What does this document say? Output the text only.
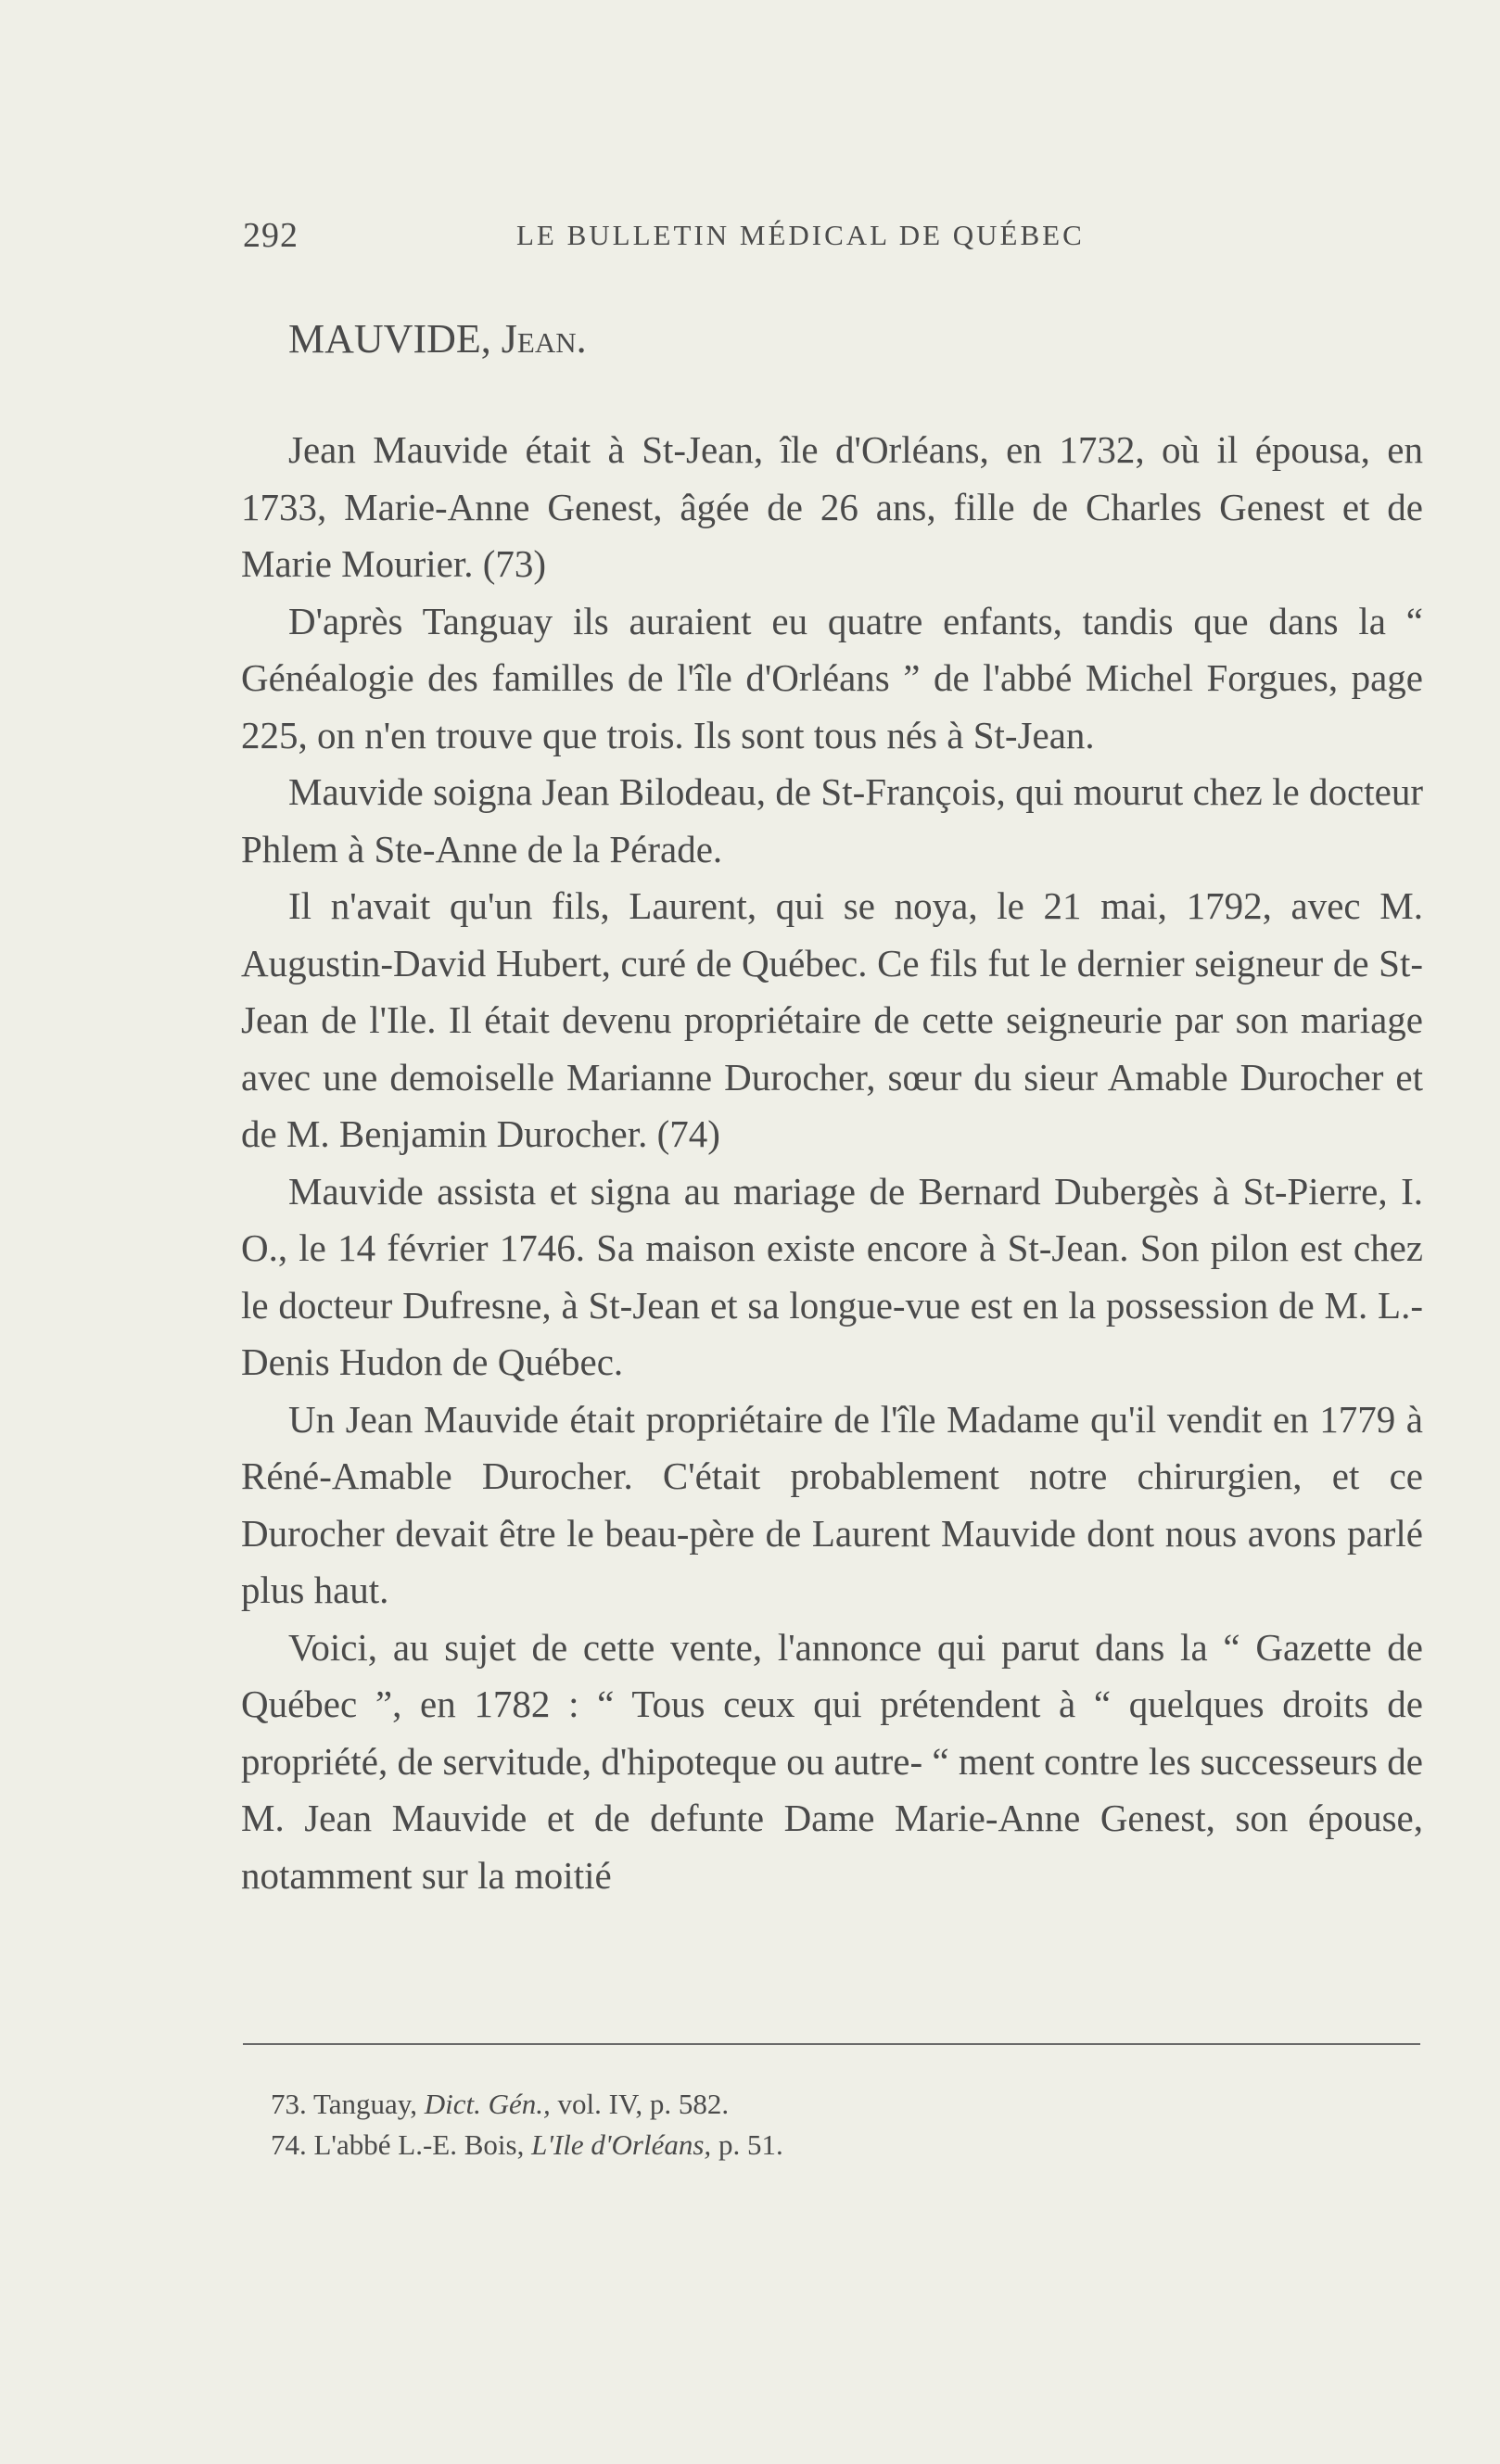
292	LE BULLETIN MÉDICAL DE QUÉBEC
MAUVIDE, Jean.

Jean Mauvide était à St-Jean, île d'Orléans, en 1732, où il épousa, en 1733, Marie-Anne Genest, âgée de 26 ans, fille de Charles Genest et de Marie Mourier. (73)

D'après Tanguay ils auraient eu quatre enfants, tandis que dans la “ Généalogie des familles de l'île d'Orléans ” de l'abbé Michel Forgues, page 225, on n'en trouve que trois. Ils sont tous nés à St-Jean.

Mauvide soigna Jean Bilodeau, de St-François, qui mourut chez le docteur Phlem à Ste-Anne de la Pérade.

Il n'avait qu'un fils, Laurent, qui se noya, le 21 mai, 1792, avec M. Augustin-David Hubert, curé de Québec. Ce fils fut le dernier seigneur de St-Jean de l'Ile. Il était devenu propriétaire de cette seigneurie par son mariage avec une demoiselle Marianne Durocher, sœur du sieur Amable Durocher et de M. Benjamin Durocher. (74)

Mauvide assista et signa au mariage de Bernard Dubergès à St-Pierre, I. O., le 14 février 1746. Sa maison existe encore à St-Jean. Son pilon est chez le docteur Dufresne, à St-Jean et sa longue-vue est en la possession de M. L.-Denis Hudon de Québec.

Un Jean Mauvide était propriétaire de l'île Madame qu'il vendit en 1779 à Réné-Amable Durocher. C'était probablement notre chirurgien, et ce Durocher devait être le beau-père de Laurent Mauvide dont nous avons parlé plus haut.

Voici, au sujet de cette vente, l'annonce qui parut dans la “ Gazette de Québec ”, en 1782 : “ Tous ceux qui prétendent à “ quelques droits de propriété, de servitude, d'hipoteque ou autre- “ ment contre les successeurs de M. Jean Mauvide et de defunte Dame Marie-Anne Genest, son épouse, notamment sur la moitié

73. Tanguay, Dict. Gén., vol. IV, p. 582.

74. L'abbé L.-E. Bois, L'Ile d'Orléans, p. 51.
